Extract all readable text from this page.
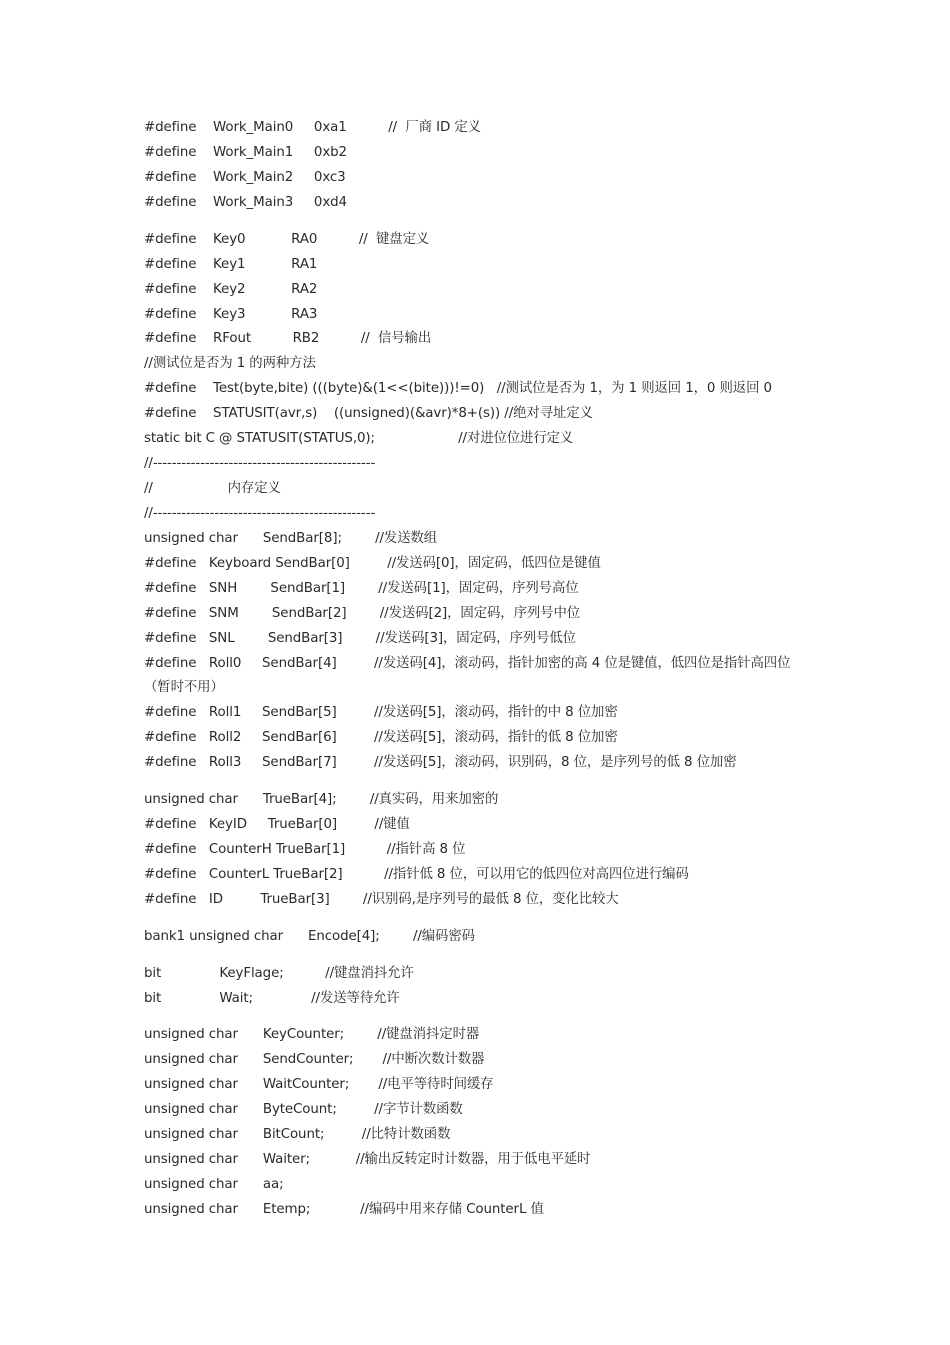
#define    Work_Main0     0xa1          //  厂商 ID 定义
#define    Work_Main1     0xb2
#define    Work_Main2     0xc3
#define    Work_Main3     0xd4
#define    Key0           RA0          //  键盘定义
#define    Key1           RA1
#define    Key2           RA2
#define    Key3           RA3
#define    RFout          RB2          //  信号输出
//测试位是否为 1 的两种方法
#define    Test(byte,bite) (((byte)&(1<<(bite)))!=0)   //测试位是否为 1，为 1 则返回 1，0 则返回 0
#define    STATUSIT(avr,s)    ((unsigned)(&avr)*8+(s)) //绝对寻址定义
static bit C @ STATUSIT(STATUS,0);                    //对进位位进行定义
//-----------------------------------------------
//                  内存定义
//-----------------------------------------------
unsigned char      SendBar[8];        //发送数组
#define   Keyboard SendBar[0]         //发送码[0]，固定码，低四位是键值
#define   SNH        SendBar[1]        //发送码[1]，固定码，序列号高位
#define   SNM        SendBar[2]        //发送码[2]，固定码，序列号中位
#define   SNL        SendBar[3]        //发送码[3]，固定码，序列号低位
#define   Roll0     SendBar[4]         //发送码[4]，滚动码，指针加密的高 4 位是键值，低四位是指针高四位
（暂时不用）
#define   Roll1     SendBar[5]         //发送码[5]，滚动码，指针的中 8 位加密
#define   Roll2     SendBar[6]         //发送码[5]，滚动码，指针的低 8 位加密
#define   Roll3     SendBar[7]         //发送码[5]，滚动码，识别码，8 位，是序列号的低 8 位加密
unsigned char      TrueBar[4];        //真实码，用来加密的
#define   KeyID     TrueBar[0]         //键值
#define   CounterH TrueBar[1]          //指针高 8 位
#define   CounterL TrueBar[2]          //指针低 8 位，可以用它的低四位对高四位进行编码
#define   ID         TrueBar[3]        //识别码,是序列号的最低 8 位，变化比较大
bank1 unsigned char      Encode[4];        //编码密码
bit              KeyFlage;          //键盘消抖允许
bit              Wait;              //发送等待允许
unsigned char      KeyCounter;        //键盘消抖定时器
unsigned char      SendCounter;       //中断次数计数器
unsigned char      WaitCounter;       //电平等待时间缓存
unsigned char      ByteCount;         //字节计数函数
unsigned char      BitCount;         //比特计数函数
unsigned char      Waiter;           //输出反转定时计数器，用于低电平延时
unsigned char      aa;
unsigned char      Etemp;            //编码中用来存储 CounterL 值
